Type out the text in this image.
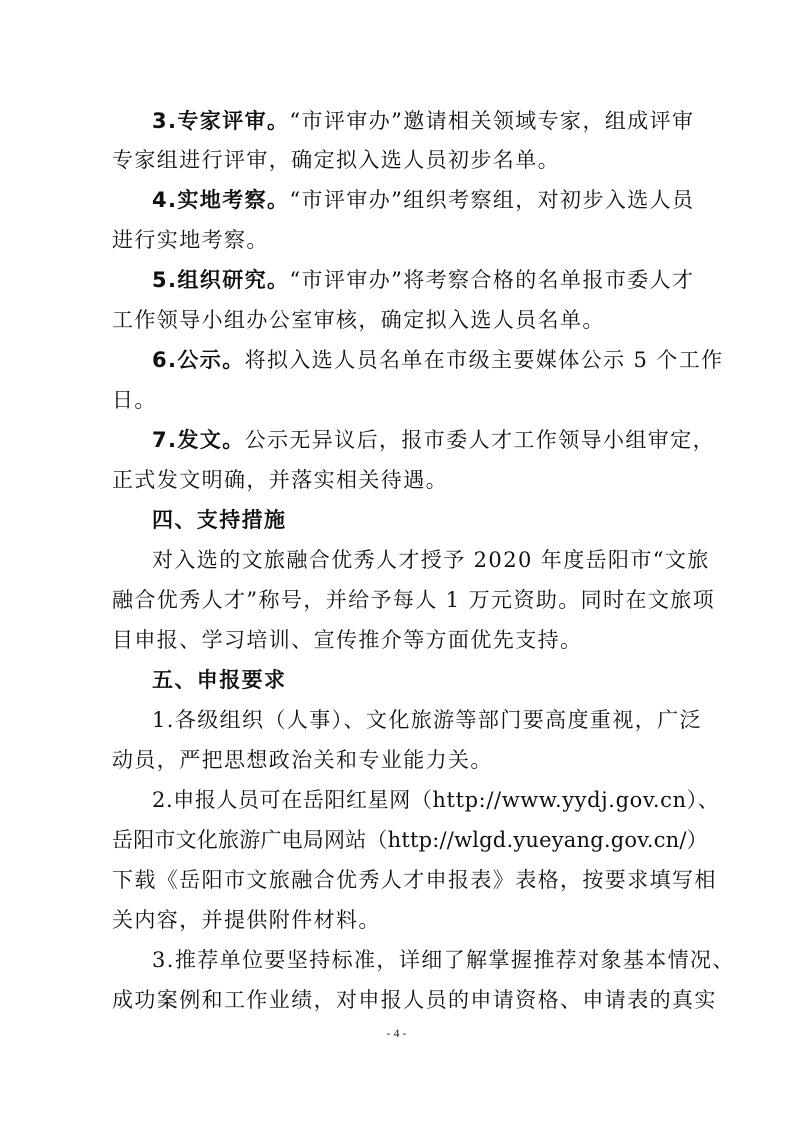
3.专家评审。“市评审办”邀请相关领域专家，组成评审
专家组进行评审，确定拟入选人员初步名单。
4.实地考察。“市评审办”组织考察组，对初步入选人员
进行实地考察。
5.组织研究。“市评审办”将考察合格的名单报市委人才
工作领导小组办公室审核，确定拟入选人员名单。
6.公示。将拟入选人员名单在市级主要媒体公示 5 个工作
日。
7.发文。公示无异议后，报市委人才工作领导小组审定，
正式发文明确，并落实相关待遇。
四、支持措施
对入选的文旅融合优秀人才授予 2020 年度岳阳市“文旅
融合优秀人才”称号，并给予每人 1 万元资助。同时在文旅项
目申报、学习培训、宣传推介等方面优先支持。
五、申报要求
1.各级组织（人事）、文化旅游等部门要高度重视，广泛
动员，严把思想政治关和专业能力关。
2.申报人员可在岳阳红星网（http://www.yydj.gov.cn）、
岳阳市文化旅游广电局网站（http://wlgd.yueyang.gov.cn/）
下载《岳阳市文旅融合优秀人才申报表》表格，按要求填写相
关内容，并提供附件材料。
3.推荐单位要坚持标准，详细了解掌握推荐对象基本情况、
成功案例和工作业绩，对申报人员的申请资格、申请表的真实
- 4 -
